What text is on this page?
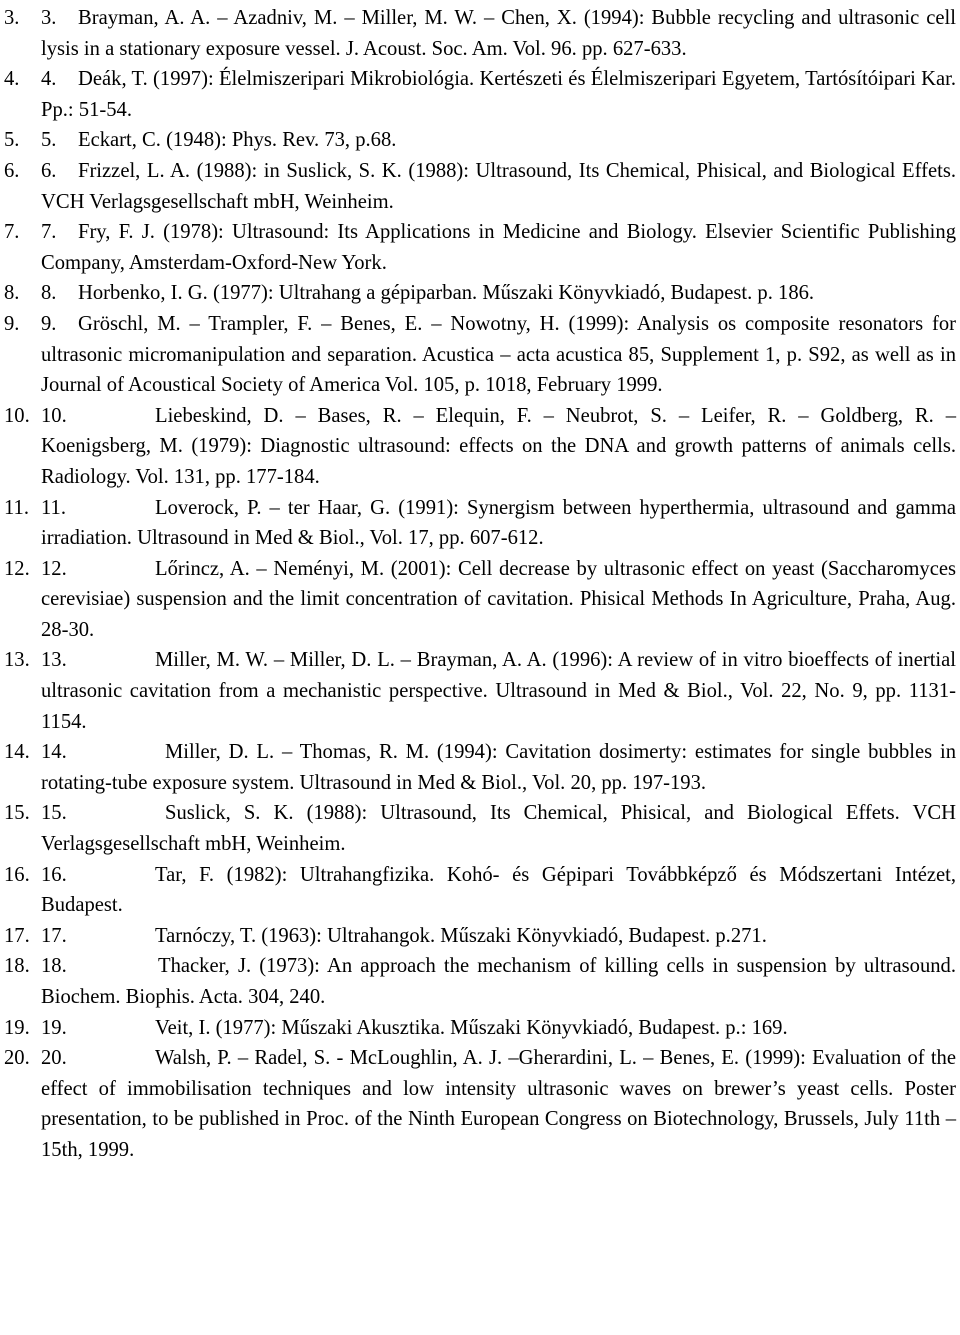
3.	3. Brayman, A. A. – Azadniv, M. – Miller, M. W. – Chen, X. (1994): Bubble recycling and ultrasonic cell lysis in a stationary exposure vessel. J. Acoust. Soc. Am. Vol. 96. pp. 627-633.
4.	4. Deák, T. (1997): Élelmiszeripari Mikrobiológia. Kertészeti és Élelmiszeripari Egyetem, Tartósítóipari Kar. Pp.: 51-54.
5.	5. Eckart, C. (1948): Phys. Rev. 73, p.68.
6.	6. Frizzel, L. A. (1988): in Suslick, S. K. (1988): Ultrasound, Its Chemical, Phisical, and Biological Effets. VCH Verlagsgesellschaft mbH, Weinheim.
7.	7. Fry, F. J. (1978): Ultrasound: Its Applications in Medicine and Biology. Elsevier Scientific Publishing Company, Amsterdam-Oxford-New York.
8.	8. Horbenko, I. G. (1977): Ultrahang a gépiparban. Műszaki Könyvkiadó, Budapest. p. 186.
9.	9. Gröschl, M. – Trampler, F. – Benes, E. – Nowotny, H. (1999): Analysis os composite resonators for ultrasonic micromanipulation and separation. Acustica – acta acustica 85, Supplement 1, p. S92, as well as in Journal of Acoustical Society of America Vol. 105, p. 1018, February 1999.
10. 10.	Liebeskind, D. – Bases, R. – Elequin, F. – Neubrot, S. – Leifer, R. – Goldberg, R. – Koenigsberg, M. (1979): Diagnostic ultrasound: effects on the DNA and growth patterns of animals cells. Radiology. Vol. 131, pp. 177-184.
11. 11.	Loverock, P. – ter Haar, G. (1991): Synergism between hyperthermia, ultrasound and gamma irradiation. Ultrasound in Med & Biol., Vol. 17, pp. 607-612.
12. 12.	Lőrincz, A. – Neményi, M. (2001): Cell decrease by ultrasonic effect on yeast (Saccharomyces cerevisiae) suspension and the limit concentration of cavitation. Phisical Methods In Agriculture, Praha, Aug. 28-30.
13. 13.	Miller, M. W. – Miller, D. L. – Brayman, A. A. (1996): A review of in vitro bioeffects of inertial ultrasonic cavitation from a mechanistic perspective. Ultrasound in Med & Biol., Vol. 22, No. 9, pp. 1131-1154.
14. 14.	Miller, D. L. – Thomas, R. M. (1994): Cavitation dosimerty: estimates for single bubbles in rotating-tube exposure system. Ultrasound in Med & Biol., Vol. 20, pp. 197-193.
15. 15.	Suslick, S. K. (1988): Ultrasound, Its Chemical, Phisical, and Biological Effets. VCH Verlagsgesellschaft mbH, Weinheim.
16. 16.	Tar, F. (1982): Ultrahangfizika. Kohó- és Gépipari Továbbképző és Módszertani Intézet, Budapest.
17. 17.	Tarnóczy, T. (1963): Ultrahangok. Műszaki Könyvkiadó, Budapest. p.271.
18. 18.	Thacker, J. (1973): An approach the mechanism of killing cells in suspension by ultrasound. Biochem. Biophis. Acta. 304, 240.
19. 19.	Veit, I. (1977): Műszaki Akusztika. Műszaki Könyvkiadó, Budapest. p.: 169.
20. 20.	Walsh, P. – Radel, S. - McLoughlin, A. J. –Gherardini, L. – Benes, E. (1999): Evaluation of the effect of immobilisation techniques and low intensity ultrasonic waves on brewer’s yeast cells. Poster presentation, to be published in Proc. of the Ninth European Congress on Biotechnology, Brussels, July 11th – 15th, 1999.
